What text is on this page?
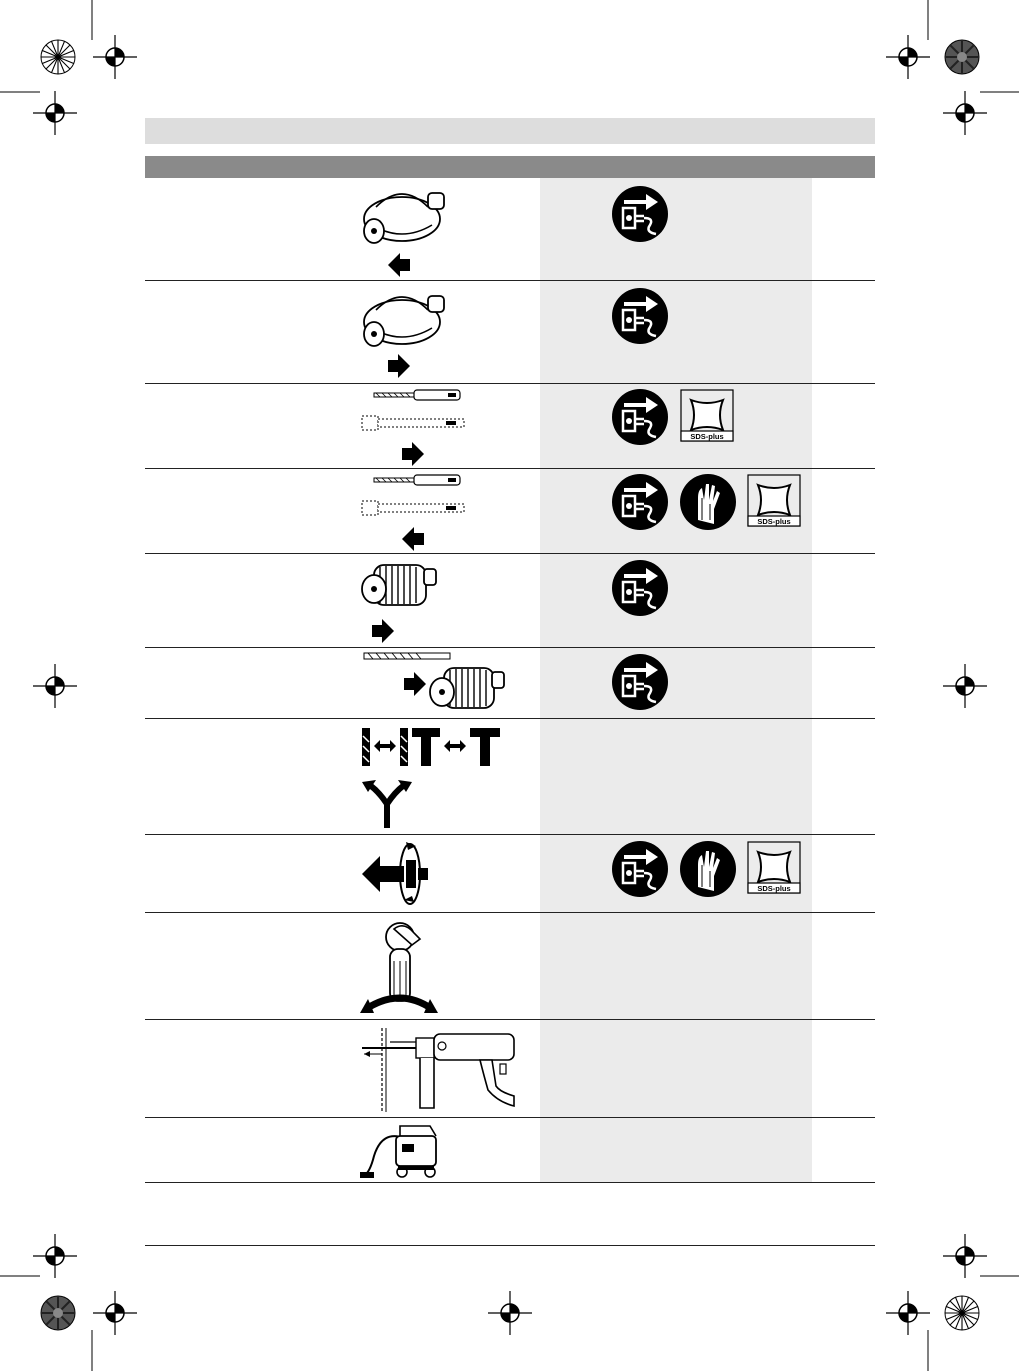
SDS-plus
SDS-plus
SDS-plus
